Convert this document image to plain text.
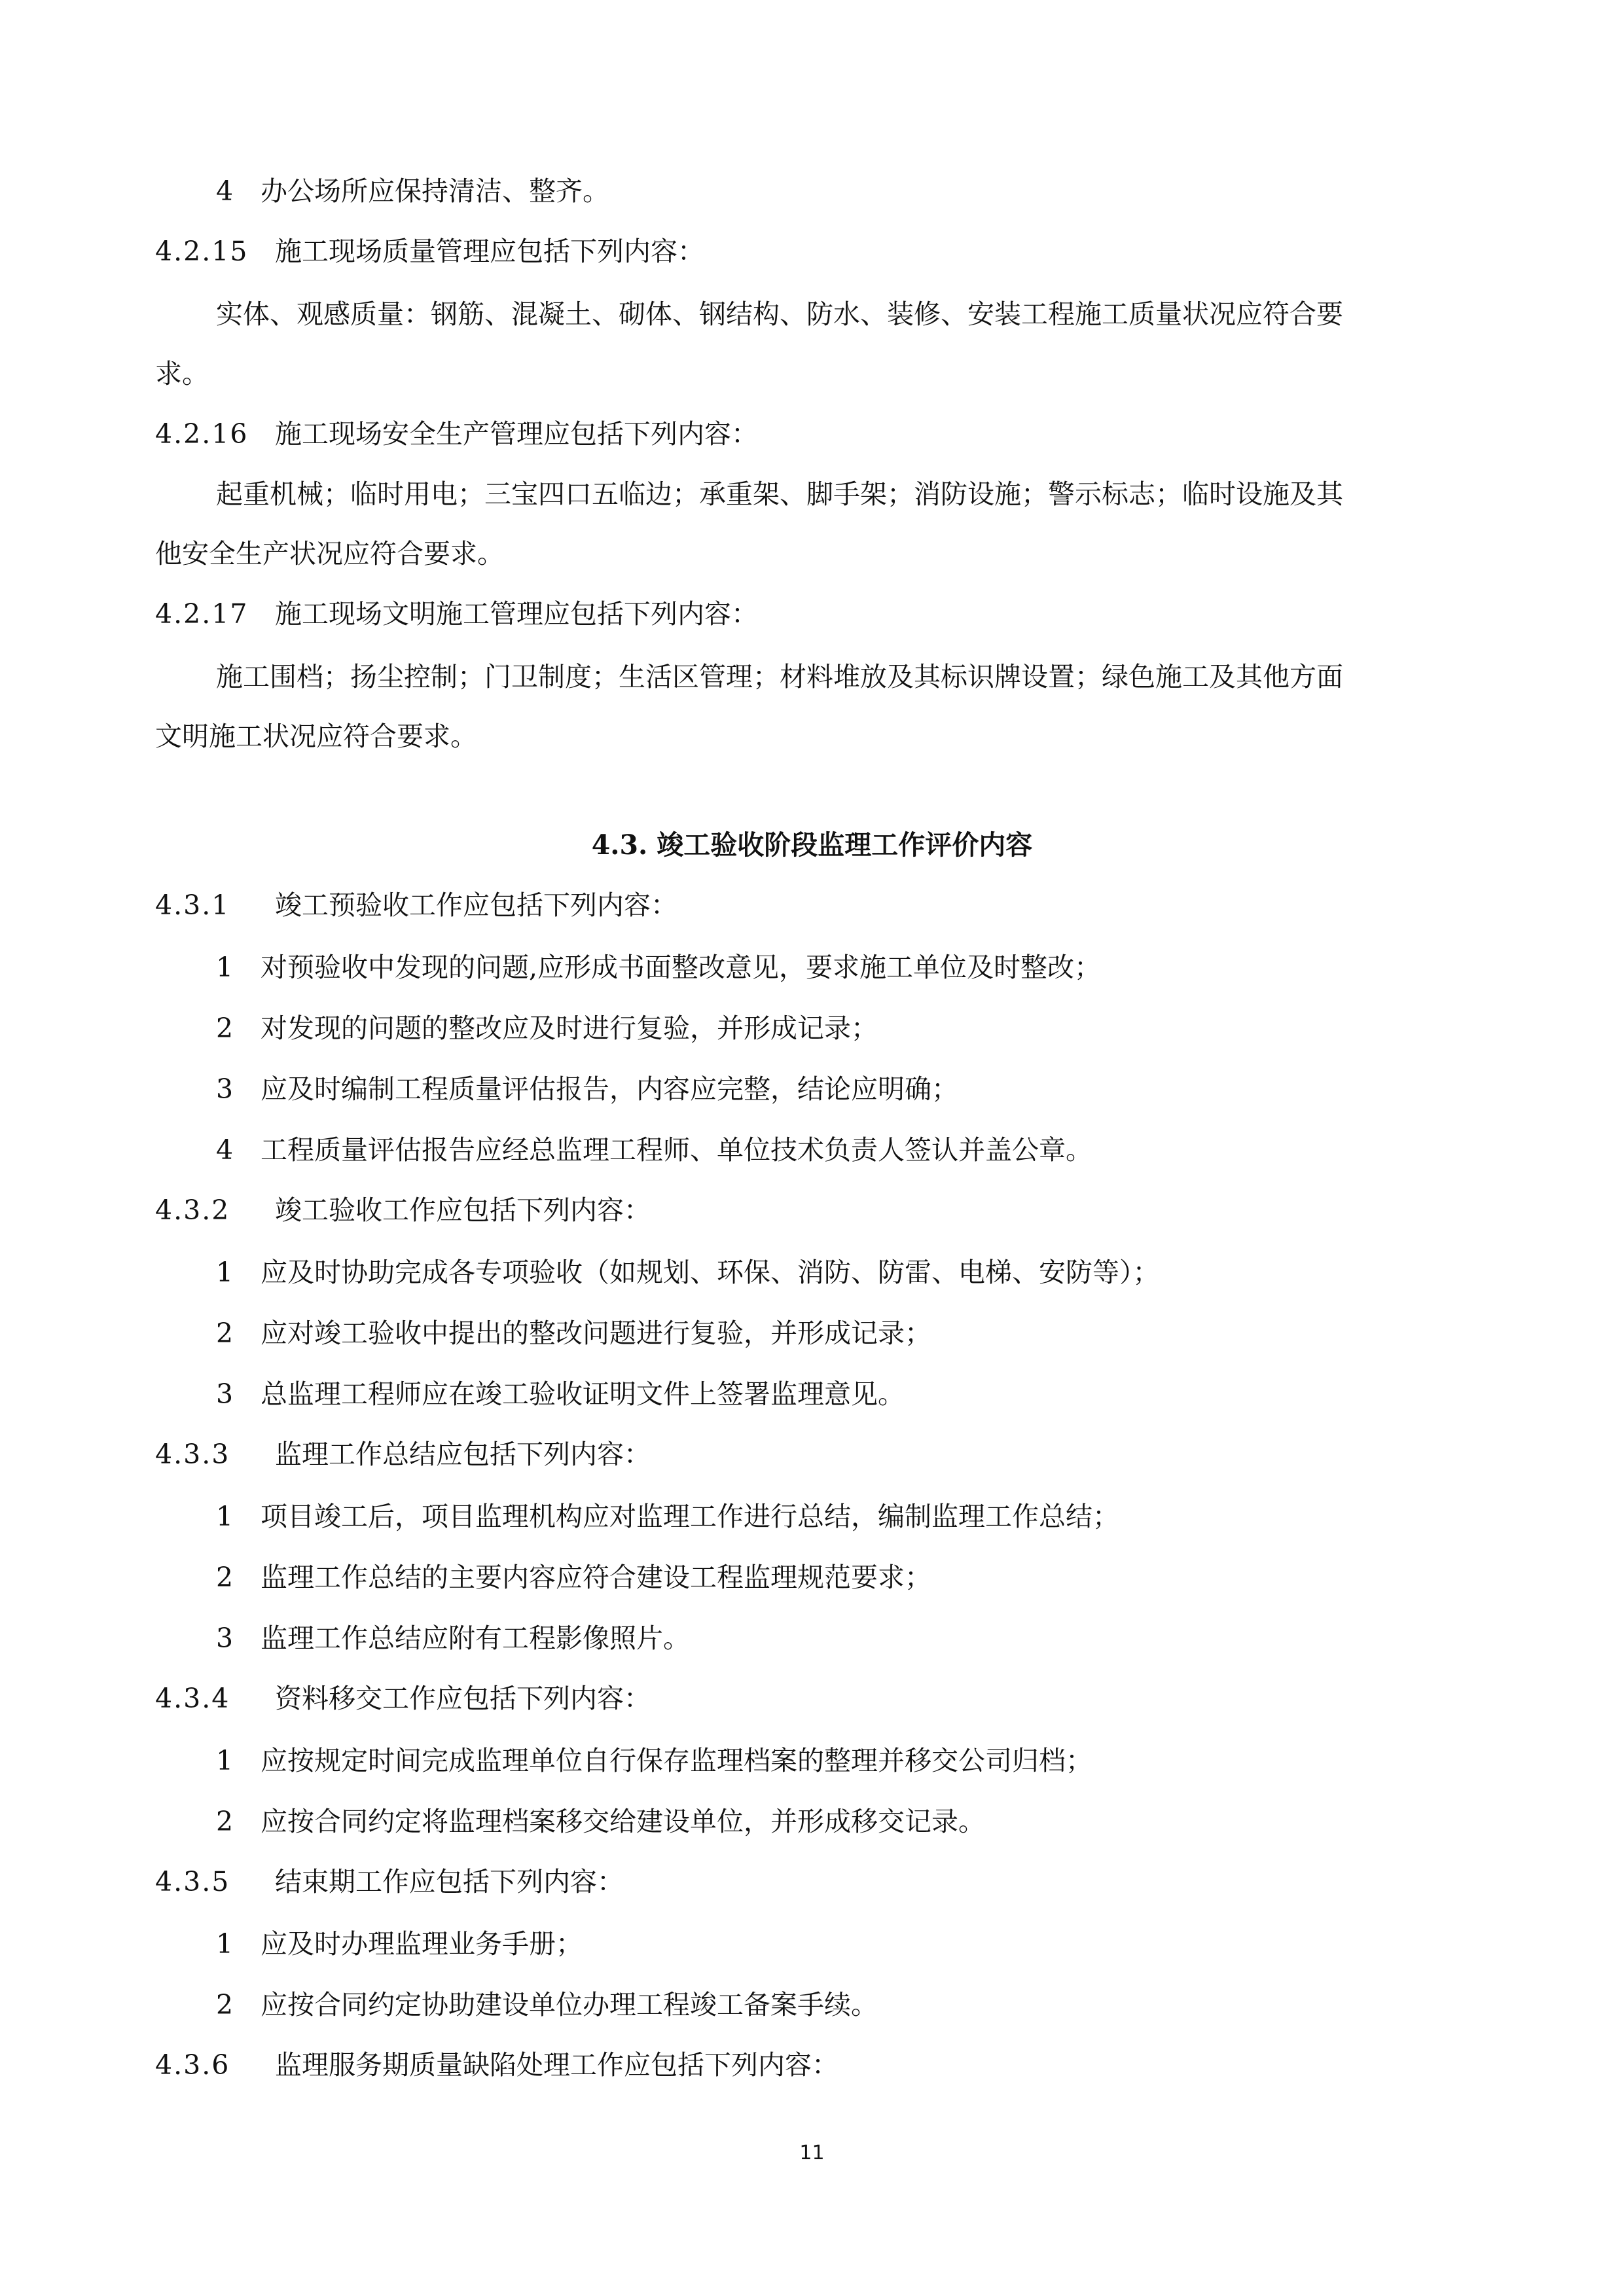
4 办公场所应保持清洁、整齐。
4.2.15 施工现场质量管理应包括下列内容：
实体、观感质量：钢筋、混凝土、砌体、钢结构、防水、装修、安装工程施工质量状况应符合要
求。
4.2.16 施工现场安全生产管理应包括下列内容：
起重机械；临时用电；三宝四口五临边；承重架、脚手架；消防设施；警示标志；临时设施及其
他安全生产状况应符合要求。
4.2.17 施工现场文明施工管理应包括下列内容：
施工围档；扬尘控制；门卫制度；生活区管理；材料堆放及其标识牌设置；绿色施工及其他方面
文明施工状况应符合要求。
4.3. 竣工验收阶段监理工作评价内容
4.3.1 竣工预验收工作应包括下列内容：
1 对预验收中发现的问题,应形成书面整改意见，要求施工单位及时整改；
2 对发现的问题的整改应及时进行复验，并形成记录；
3 应及时编制工程质量评估报告，内容应完整，结论应明确；
4 工程质量评估报告应经总监理工程师、单位技术负责人签认并盖公章。
4.3.2 竣工验收工作应包括下列内容：
1 应及时协助完成各专项验收（如规划、环保、消防、防雷、电梯、安防等）；
2 应对竣工验收中提出的整改问题进行复验，并形成记录；
3 总监理工程师应在竣工验收证明文件上签署监理意见。
4.3.3 监理工作总结应包括下列内容：
1 项目竣工后，项目监理机构应对监理工作进行总结，编制监理工作总结；
2 监理工作总结的主要内容应符合建设工程监理规范要求；
3 监理工作总结应附有工程影像照片。
4.3.4 资料移交工作应包括下列内容：
1 应按规定时间完成监理单位自行保存监理档案的整理并移交公司归档；
2 应按合同约定将监理档案移交给建设单位，并形成移交记录。
4.3.5 结束期工作应包括下列内容：
1 应及时办理监理业务手册；
2 应按合同约定协助建设单位办理工程竣工备案手续。
4.3.6 监理服务期质量缺陷处理工作应包括下列内容：
11
